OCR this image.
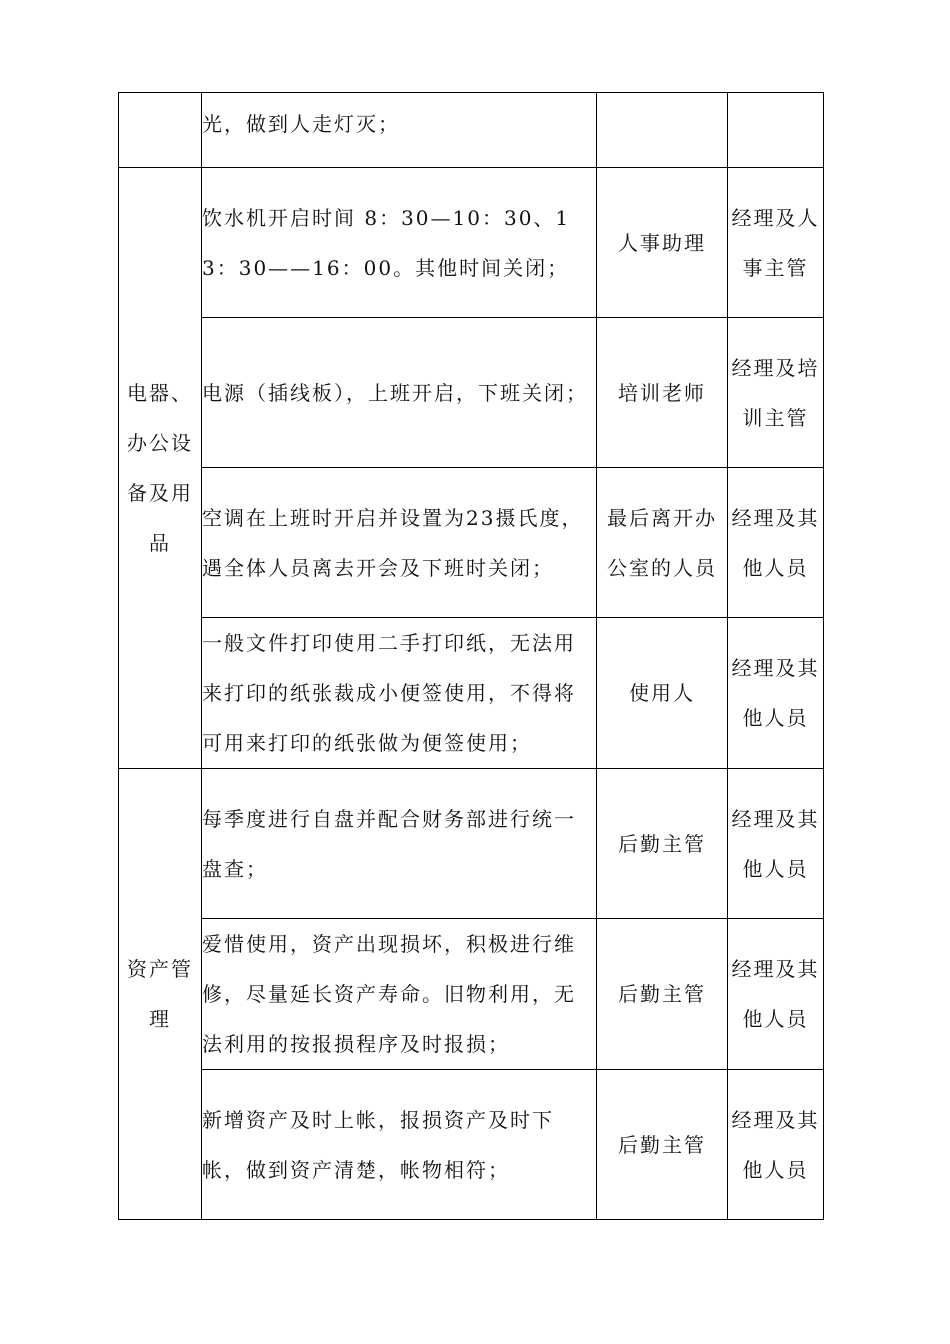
	光，做到人走灯灭；		
电器、办公设备及用品	饮水机开启时间 8：30—10：30、13：30——16：00。其他时间关闭；	人事助理	经理及人事主管
	电源（插线板），上班开启，下班关闭；	培训老师	经理及培训主管
	空调在上班时开启并设置为23摄氏度，遇全体人员离去开会及下班时关闭；	最后离开办公室的人员	经理及其他人员
	一般文件打印使用二手打印纸，无法用来打印的纸张裁成小便签使用，不得将可用来打印的纸张做为便签使用；	使用人	经理及其他人员
资产管理	每季度进行自盘并配合财务部进行统一盘查；	后勤主管	经理及其他人员
	爱惜使用，资产出现损坏，积极进行维修，尽量延长资产寿命。旧物利用，无法利用的按报损程序及时报损；	后勤主管	经理及其他人员
	新增资产及时上帐，报损资产及时下帐，做到资产清楚，帐物相符；	后勤主管	经理及其他人员
